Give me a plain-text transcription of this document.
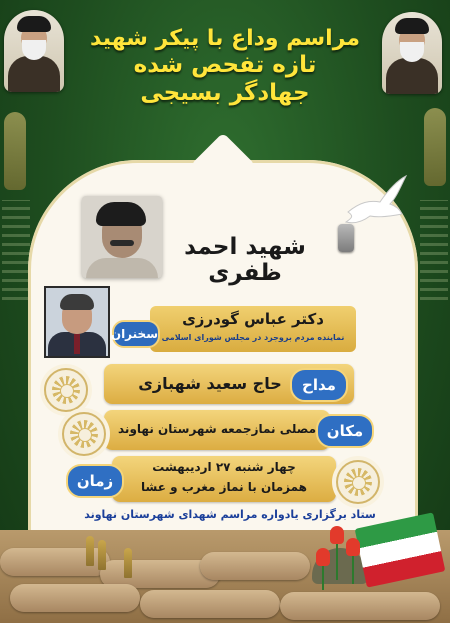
مراسم وداع با پیکر شهید
تازه تفحص شده
جهادگر بسیجی
شهید احمد ظفری
سخنران
دکتر عباس گودرزی
نماینده مردم بروجرد در مجلس شورای اسلامی
حاج سعید شهبازی	مداح
مصلی نمازجمعه شهرستان نهاوند مکان
چهار شنبه ۲۷ اردیبهشت
همزمان با نماز مغرب و عشا
زمان
ستاد برگزاری یادواره مراسم شهدای شهرستان نهاوند
